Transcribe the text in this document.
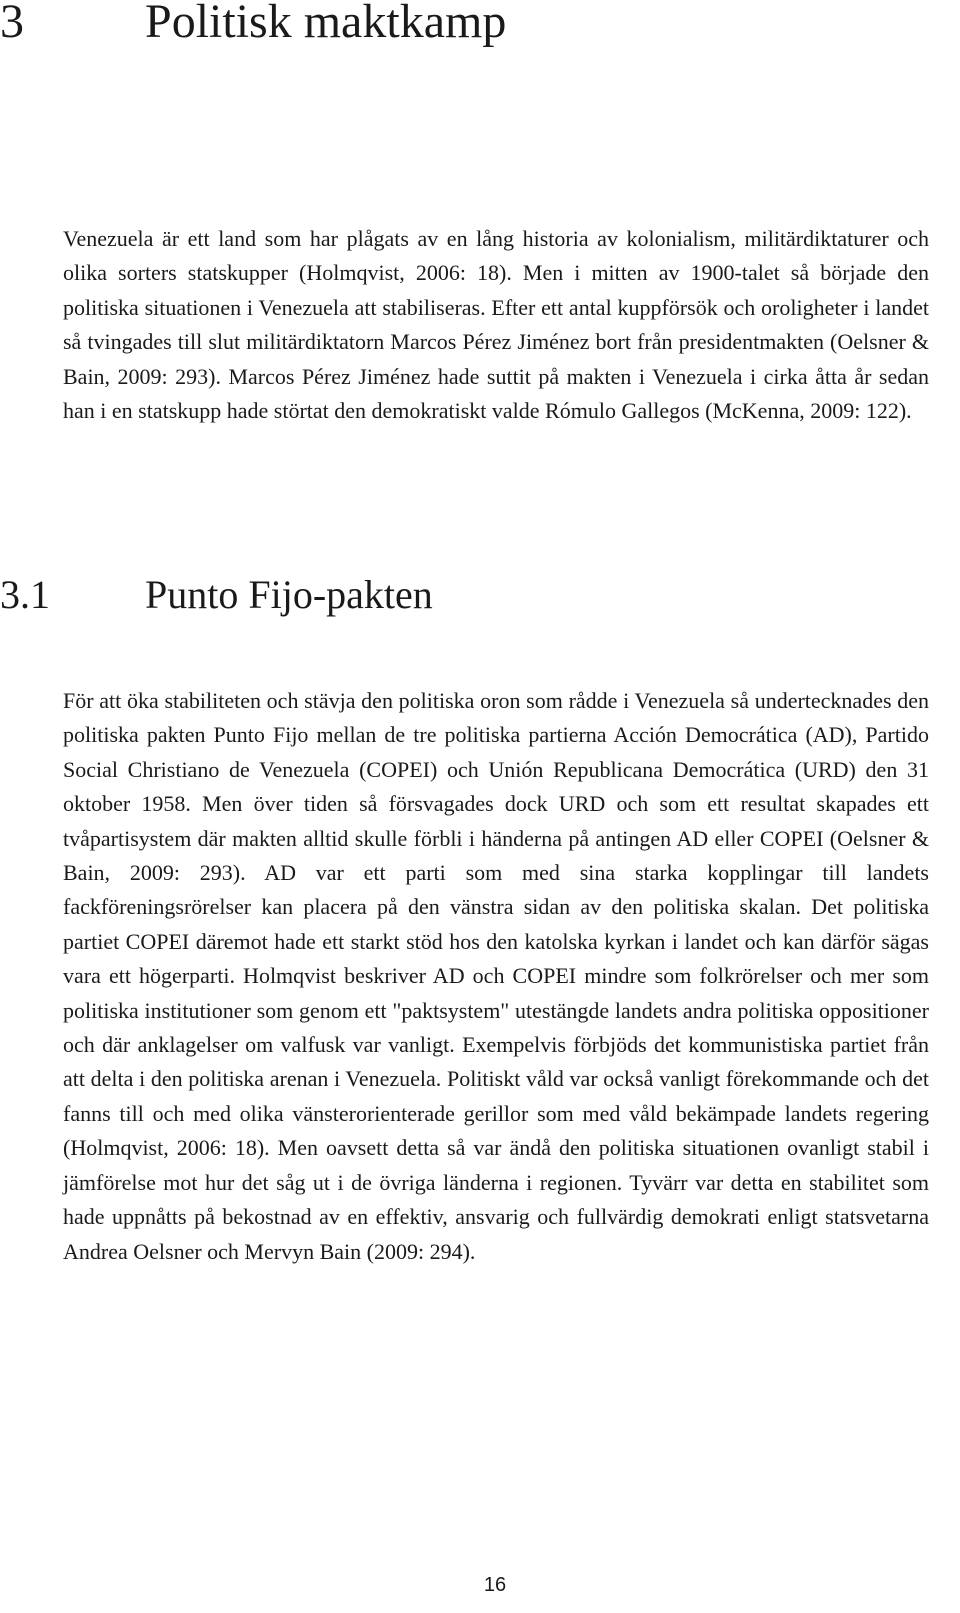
3	Politisk maktkamp

Venezuela är ett land som har plågats av en lång historia av kolonialism, militärdiktaturer och olika sorters statskupper (Holmqvist, 2006: 18). Men i mitten av 1900-talet så började den politiska situationen i Venezuela att stabiliseras. Efter ett antal kuppförsök och oroligheter i landet så tvingades till slut militärdiktatorn Marcos Pérez Jiménez bort från presidentmakten (Oelsner & Bain, 2009: 293). Marcos Pérez Jiménez hade suttit på makten i Venezuela i cirka åtta år sedan han i en statskupp hade störtat den demokratiskt valde Rómulo Gallegos (McKenna, 2009: 122).

3.1 Punto Fijo-pakten

För att öka stabiliteten och stävja den politiska oron som rådde i Venezuela så undertecknades den politiska pakten Punto Fijo mellan de tre politiska partierna Acción Democrática (AD), Partido Social Christiano de Venezuela (COPEI) och Unión Republicana Democrática (URD) den 31 oktober 1958. Men över tiden så försvagades dock URD och som ett resultat skapades ett tvåpartisystem där makten alltid skulle förbli i händerna på antingen AD eller COPEI (Oelsner & Bain, 2009: 293). AD var ett parti som med sina starka kopplingar till landets fackföreningsrörelser kan placera på den vänstra sidan av den politiska skalan. Det politiska partiet COPEI däremot hade ett starkt stöd hos den katolska kyrkan i landet och kan därför sägas vara ett högerparti. Holmqvist beskriver AD och COPEI mindre som folkrörelser och mer som politiska institutioner som genom ett "paktsystem" utestängde landets andra politiska oppositioner och där anklagelser om valfusk var vanligt. Exempelvis förbjöds det kommunistiska partiet från att delta i den politiska arenan i Venezuela. Politiskt våld var också vanligt förekommande och det fanns till och med olika vänsterorienterade gerillor som med våld bekämpade landets regering (Holmqvist, 2006: 18). Men oavsett detta så var ändå den politiska situationen ovanligt stabil i jämförelse mot hur det såg ut i de övriga länderna i regionen. Tyvärr var detta en stabilitet som hade uppnåtts på bekostnad av en effektiv, ansvarig och fullvärdig demokrati enligt statsvetarna Andrea Oelsner och Mervyn Bain (2009: 294).

16
